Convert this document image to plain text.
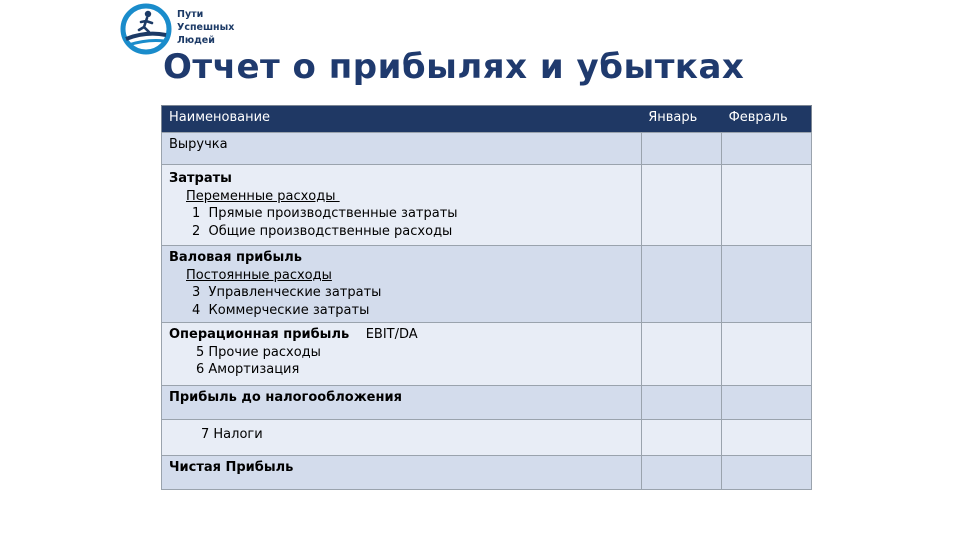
Пути
Успешных
Людей
Отчет о прибылях и убытках
Наименование	Январь	Февраль

Выручка		

Затраты
Переменные расходы
1  Прямые производственные затраты
2  Общие производственные расходы		

Валовая прибыль
Постоянные расходы
3  Управленческие затраты
4  Коммерческие затраты		

Операционная прибыль EBIT/DA
5 Прочие расходы
6 Амортизация		

Прибыль до налогообложения		

7 Налоги		

Чистая Прибыль		
